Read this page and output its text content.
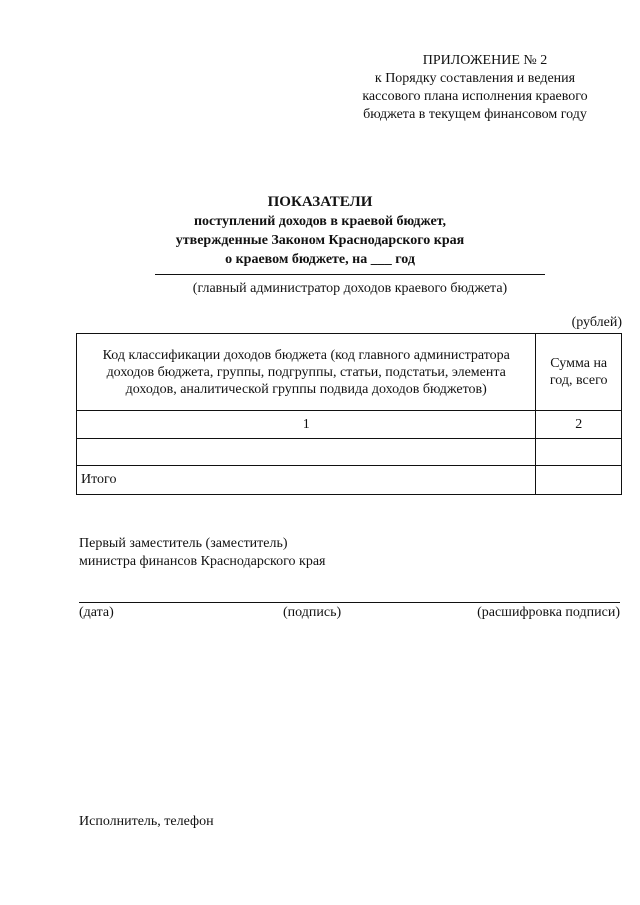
ПРИЛОЖЕНИЕ № 2
к Порядку составления и ведения
кассового плана исполнения краевого
бюджета в текущем финансовом году
ПОКАЗАТЕЛИ
поступлений доходов в краевой бюджет,
утвержденные Законом Краснодарского края
о краевом бюджете, на ___ год
(главный администратор доходов краевого бюджета)
(рублей)
Код классификации доходов бюджета (код главного администратора доходов бюджета, группы, подгруппы, статьи, подстатьи, элемента доходов, аналитической группы подвида доходов бюджетов)	Сумма на год, всего
1	2

Итого	
Первый заместитель (заместитель)
министра финансов Краснодарского края
(дата)	(подпись)	(расшифровка подписи)
Исполнитель, телефон
